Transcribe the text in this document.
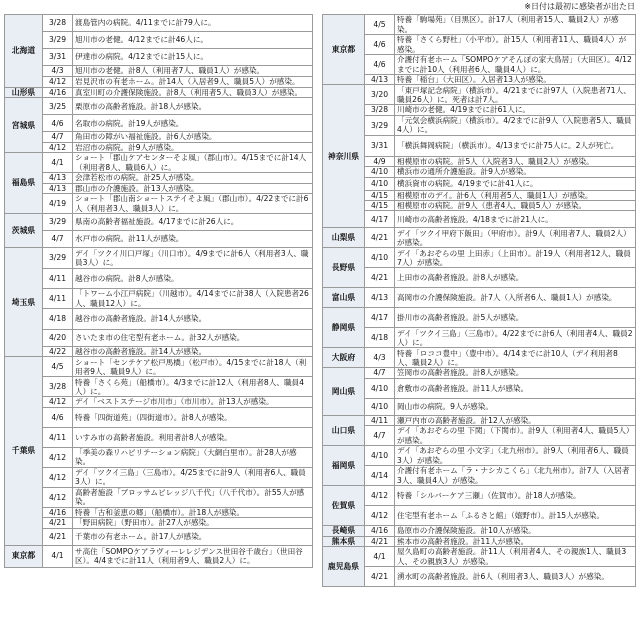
※日付は最初に感染者が出た日
北海道	3/28	渡島管内の病院。4/11までに計79人に。
	3/29	旭川市の老健。4/12までに計46人に。
	3/31	伊達市の病院。4/12までに計15人に。
	4/3	旭川市の老健。計8人（利用者7人、職員1人）が感染。
	4/12	岩見沢市の有老ホーム。計14人（入居者9人、職員5人）が感染。
山形県	4/16	真室川町の介護保険施設。計8人（利用者5人、職員3人）が感染。
宮城県	3/25	栗原市の高齢者施設。計18人が感染。
	4/6	名取市の病院。計19人が感染。
	4/7	角田市の障がい福祉施設。計6人が感染。
	4/12	岩沼市の病院。計9人が感染。
福島県	4/1	ショート「郡山ケアセンターそよ風」（郡山市）。4/15までに計14人（利用者8人、職員6人）に。
	4/13	会津若松市の病院。計25人が感染。
	4/13	郡山市の介護施設。計13人が感染。
	4/19	ショート「郡山南ショートステイそよ風」（郡山市）。4/22までに計6人（利用者3人、職員3人）に。
茨城県	3/29	県南の高齢者福祉施設。4/17までに計26人に。
	4/7	水戸市の病院。計11人が感染。
埼玉県	3/29	デイ「ツクイ川口戸塚」（川口市）。4/9までに計6人（利用者3人、職員3人）に。
	4/11	越谷市の病院。計8人が感染。
	4/11	「トワーム小江戸病院」（川越市）。4/14までに計38人（入院患者26人、職員12人）に。
	4/18	越谷市の高齢者施設。計14人が感染。
	4/20	さいたま市の住宅型有老ホーム。計32人が感染。
	4/22	越谷市の高齢者施設。計14人が感染。
千葉県	4/5	ショート「センテケア松戸馬橋」（松戸市）。4/15までに計18人（利用者9人、職員9人）に。
	3/28	特養「さくら苑」（船橋市）。4/3までに計12人（利用者8人、職員4人）に。
	4/12	デイ「ベストステージ市川市」（市川市）。計13人が感染。
	4/6	特養「四街道苑」（四街道市）。計8人が感染。
	4/11	いすみ市の高齢者施設。利用者計8人が感染。
	4/12	「季美の森リハビリテーション病院」（大網白里市）。計28人が感染。
	4/12	デイ「ツクイ三島」（三島市）。4/25までに計9人（利用者6人、職員3人）に。
	4/12	高齢者施設「ブロッサムビレッジ八千代」（八千代市）。計55人が感染。
	4/16	特養「古和釜恵の郷」（船橋市）。計18人が感染。
	4/21	「野田病院」（野田市）。計27人が感染。
	4/21	千葉市の有老ホーム。計17人が感染。
東京都	4/1	サ高住「SOMPOケアラヴィーレレジデンス世田谷千歳台」（世田谷区）。4/4までに計11人（利用者9人、職員2人）に。
東京都	4/5	特養「駒場苑」（目黒区）。計17人（利用者15人、職員2人）が感染。
	4/6	特養「さくら野杜」（小平市）。計15人（利用者11人、職員4人）が感染。
	4/6	介護付有老ホーム「SOMPOケアそんぽの家大鳥居」（大田区）。4/12までに計10人（利用者6人、職員4人）に。
	4/13	特養「稲台」（大田区）。入居者13人が感染。
神奈川県	3/20	「東戸塚記念病院」（横浜市）。4/21までに計97人（入院患者71人、職員26人）に。死者は計7人。
	3/28	川崎市の老健。4/19までに計61人に。
	3/29	「元気会横浜病院」（横浜市）。4/2までに計9人（入院患者5人、職員4人）に。
	3/31	「横浜舞岡病院」（横浜市）。4/13までに計75人に。2人が死亡。
	4/9	相模原市の病院。計5人（入院者3人、職員2人）が感染。
	4/10	横浜市の通所介護施設。計9人が感染。
	4/10	横浜資市の病院。4/19までに計41人に。
	4/15	相模原市のデイ。計6人（利用者5人、職員1人）が感染。
	4/15	相模原市の病院。計9人（患者4人、職員5人）が感染。
	4/17	川崎市の高齢者施設。4/18までに計21人に。
山梨県	4/21	デイ「ツクイ甲府下飯田」（甲府市）。計9人（利用者7人、職員2人）が感染。
長野県	4/10	デイ「あおぞらの里 上田赤」（上田市）。計19人（利用者12人、職員7人）が感染。
	4/21	上田市の高齢者施設。計8人が感染。
富山県	4/13	高岡市の介護保険施設。計7人（入所者6人、職員1人）が感染。
静岡県	4/17	掛川市の高齢者施設。計5人が感染。
	4/18	デイ「ツクイ三島」（三島市）。4/22までに計6人（利用者4人、職員2人）に。
大阪府	4/3	特養「ロココ豊中」（豊中市）。4/14までに計10人（デイ利用者8人、職員2人）に。
岡山県	4/7	笠岡市の高齢者施設。計8人が感染。
	4/10	倉敷市の高齢者施設。計11人が感染。
	4/10	岡山市の病院。9人が感染。
山口県	4/11	瀬戸内市の高齢者施設。計12人が感染。
	4/7	デイ「あおぞらの里 下関」（下関市）。計9人（利用者4人、職員5人）が感染。
福岡県	4/10	デイ「あおぞらの里 小文字」（北九州市）。計9人（利用者6人、職員3人）が感染。
	4/14	介護付有老ホーム「ラ・ナシカこくら」（北九州市）。計7人（入居者3人、職員4人）が感染。
佐賀県	4/12	特養「シルバーケア三瀬」（佐賀市）。計18人が感染。
	4/12	住宅型有老ホーム「ふるさと館」（嬉野市）。計15人が感染。
長崎県	4/16	島原市の介護保険施設。計10人が感染。
熊本県	4/21	熊本市の高齢者施設。計11人が感染。
鹿児島県	4/1	屋久島町の高齢者施設。計11人（利用者4人、その親族1人、職員3人、その親族3人）が感染。
	4/21	湧水町の高齢者施設。計6人（利用者3人、職員3人）が感染。
